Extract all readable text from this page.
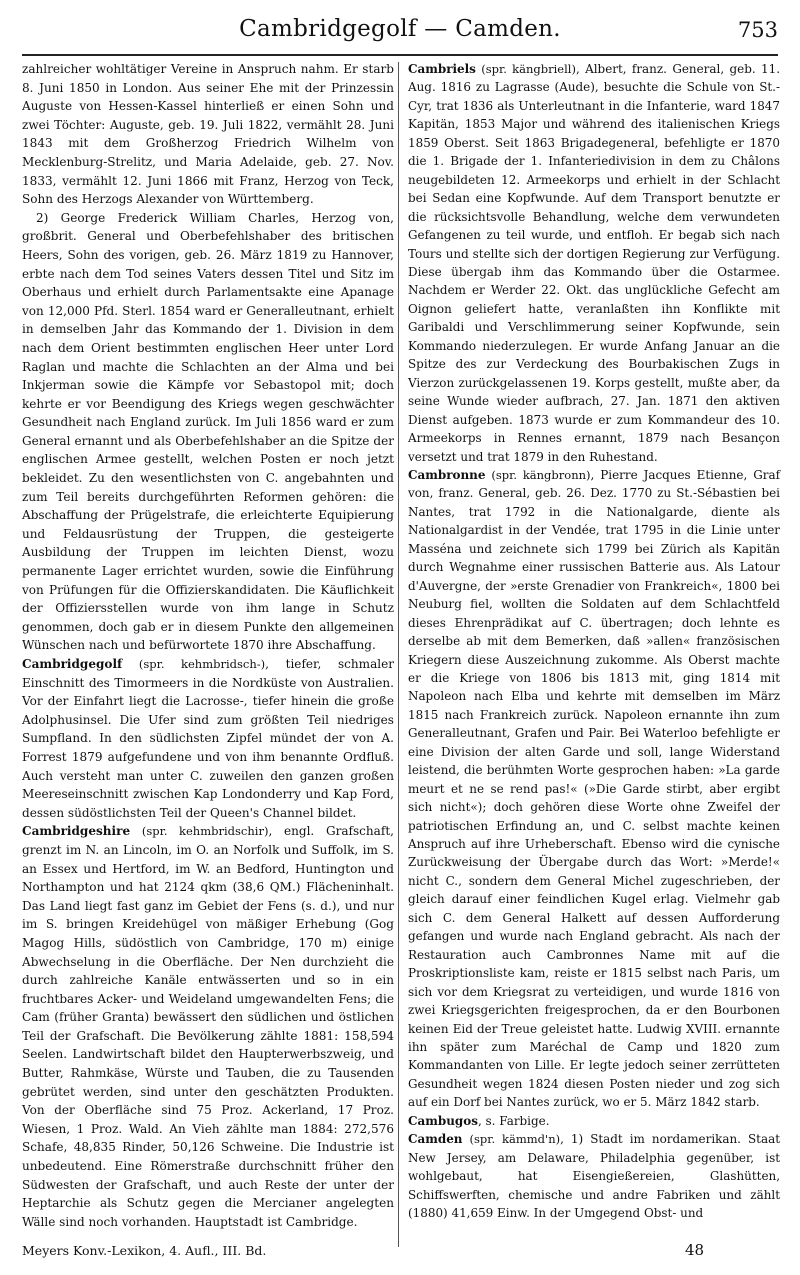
Cambridgegolf — Camden.	753

zahlreicher wohltätiger Vereine in Anspruch nahm. Er starb 8. Juni 1850 in London. Aus seiner Ehe mit der Prinzessin Auguste von Hessen-Kassel hinterließ er einen Sohn und zwei Töchter: Auguste, geb. 19. Juli 1822, vermählt 28. Juni 1843 mit dem Großherzog Friedrich Wilhelm von Mecklenburg-Strelitz, und Maria Adelaide, geb. 27. Nov. 1833, vermählt 12. Juni 1866 mit Franz, Herzog von Teck, Sohn des Herzogs Alexander von Württemberg.

2) George Frederick William Charles, Herzog von, großbrit. General und Oberbefehlshaber des britischen Heers, Sohn des vorigen, geb. 26. März 1819 zu Hannover, erbte nach dem Tod seines Vaters dessen Titel und Sitz im Oberhaus und erhielt durch Parlamentsakte eine Apanage von 12,000 Pfd. Sterl. 1854 ward er Generalleutnant, erhielt in demselben Jahr das Kommando der 1. Division in dem nach dem Orient bestimmten englischen Heer unter Lord Raglan und machte die Schlachten an der Alma und bei Inkjerman sowie die Kämpfe vor Sebastopol mit; doch kehrte er vor Beendigung des Kriegs wegen geschwächter Gesundheit nach England zurück. Im Juli 1856 ward er zum General ernannt und als Oberbefehlshaber an die Spitze der englischen Armee gestellt, welchen Posten er noch jetzt bekleidet. Zu den wesentlichsten von C. angebahnten und zum Teil bereits durchgeführten Reformen gehören: die Abschaffung der Prügelstrafe, die erleichterte Equipierung und Feldausrüstung der Truppen, die gesteigerte Ausbildung der Truppen im leichten Dienst, wozu permanente Lager errichtet wurden, sowie die Einführung von Prüfungen für die Offizierskandidaten. Die Käuflichkeit der Offiziersstellen wurde von ihm lange in Schutz genommen, doch gab er in diesem Punkte den allgemeinen Wünschen nach und befürwortete 1870 ihre Abschaffung.

Cambridgegolf (spr. kehmbridsch-), tiefer, schmaler Einschnitt des Timormeers in die Nordküste von Australien. Vor der Einfahrt liegt die Lacrosse-, tiefer hinein die große Adolphusinsel. Die Ufer sind zum größten Teil niedriges Sumpfland. In den südlichsten Zipfel mündet der von A. Forrest 1879 aufgefundene und von ihm benannte Ordfluß. Auch versteht man unter C. zuweilen den ganzen großen Meereseinschnitt zwischen Kap Londonderry und Kap Ford, dessen südöstlichsten Teil der Queen's Channel bildet.

Cambridgeshire (spr. kehmbridschir), engl. Grafschaft, grenzt im N. an Lincoln, im O. an Norfolk und Suffolk, im S. an Essex und Hertford, im W. an Bedford, Huntington und Northampton und hat 2124 qkm (38,6 QM.) Flächeninhalt. Das Land liegt fast ganz im Gebiet der Fens (s. d.), und nur im S. bringen Kreidehügel von mäßiger Erhebung (Gog Magog Hills, südöstlich von Cambridge, 170 m) einige Abwechselung in die Oberfläche. Der Nen durchzieht die durch zahlreiche Kanäle entwässerten und so in ein fruchtbares Acker- und Weideland umgewandelten Fens; die Cam (früher Granta) bewässert den südlichen und östlichen Teil der Grafschaft. Die Bevölkerung zählte 1881: 158,594 Seelen. Landwirtschaft bildet den Haupterwerbszweig, und Butter, Rahmkäse, Würste und Tauben, die zu Tausenden gebrütet werden, sind unter den geschätzten Produkten. Von der Oberfläche sind 75 Proz. Ackerland, 17 Proz. Wiesen, 1 Proz. Wald. An Vieh zählte man 1884: 272,576 Schafe, 48,835 Rinder, 50,126 Schweine. Die Industrie ist unbedeutend. Eine Römerstraße durchschnitt früher den Südwesten der Grafschaft, und auch Reste der unter der Heptarchie als Schutz gegen die Mercianer angelegten Wälle sind noch vorhanden. Hauptstadt ist Cambridge.

Cambriels (spr. kängbriell), Albert, franz. General, geb. 11. Aug. 1816 zu Lagrasse (Aude), besuchte die Schule von St.-Cyr, trat 1836 als Unterleutnant in die Infanterie, ward 1847 Kapitän, 1853 Major und während des italienischen Kriegs 1859 Oberst. Seit 1863 Brigadegeneral, befehligte er 1870 die 1. Brigade der 1. Infanteriedivision in dem zu Châlons neugebildeten 12. Armeekorps und erhielt in der Schlacht bei Sedan eine Kopfwunde. Auf dem Transport benutzte er die rücksichtsvolle Behandlung, welche dem verwundeten Gefangenen zu teil wurde, und entfloh. Er begab sich nach Tours und stellte sich der dortigen Regierung zur Verfügung. Diese übergab ihm das Kommando über die Ostarmee. Nachdem er Werder 22. Okt. das unglückliche Gefecht am Oignon geliefert hatte, veranlaßten ihn Konflikte mit Garibaldi und Verschlimmerung seiner Kopfwunde, sein Kommando niederzulegen. Er wurde Anfang Januar an die Spitze des zur Verdeckung des Bourbakischen Zugs in Vierzon zurückgelassenen 19. Korps gestellt, mußte aber, da seine Wunde wieder aufbrach, 27. Jan. 1871 den aktiven Dienst aufgeben. 1873 wurde er zum Kommandeur des 10. Armeekorps in Rennes ernannt, 1879 nach Besançon versetzt und trat 1879 in den Ruhestand.

Cambronne (spr. kängbronn), Pierre Jacques Etienne, Graf von, franz. General, geb. 26. Dez. 1770 zu St.-Sébastien bei Nantes, trat 1792 in die Nationalgarde, diente als Nationalgardist in der Vendée, trat 1795 in die Linie unter Masséna und zeichnete sich 1799 bei Zürich als Kapitän durch Wegnahme einer russischen Batterie aus. Als Latour d'Auvergne, der »erste Grenadier von Frankreich«, 1800 bei Neuburg fiel, wollten die Soldaten auf dem Schlachtfeld dieses Ehrenprädikat auf C. übertragen; doch lehnte es derselbe ab mit dem Bemerken, daß »allen« französischen Kriegern diese Auszeichnung zukomme. Als Oberst machte er die Kriege von 1806 bis 1813 mit, ging 1814 mit Napoleon nach Elba und kehrte mit demselben im März 1815 nach Frankreich zurück. Napoleon ernannte ihn zum Generalleutnant, Grafen und Pair. Bei Waterloo befehligte er eine Division der alten Garde und soll, lange Widerstand leistend, die berühmten Worte gesprochen haben: »La garde meurt et ne se rend pas!« (»Die Garde stirbt, aber ergibt sich nicht«); doch gehören diese Worte ohne Zweifel der patriotischen Erfindung an, und C. selbst machte keinen Anspruch auf ihre Urheberschaft. Ebenso wird die cynische Zurückweisung der Übergabe durch das Wort: »Merde!« nicht C., sondern dem General Michel zugeschrieben, der gleich darauf einer feindlichen Kugel erlag. Vielmehr gab sich C. dem General Halkett auf dessen Aufforderung gefangen und wurde nach England gebracht. Als nach der Restauration auch Cambronnes Name mit auf die Proskriptionsliste kam, reiste er 1815 selbst nach Paris, um sich vor dem Kriegsrat zu verteidigen, und wurde 1816 von zwei Kriegsgerichten freigesprochen, da er den Bourbonen keinen Eid der Treue geleistet hatte. Ludwig XVIII. ernannte ihn später zum Maréchal de Camp und 1820 zum Kommandanten von Lille. Er legte jedoch seiner zerrütteten Gesundheit wegen 1824 diesen Posten nieder und zog sich auf ein Dorf bei Nantes zurück, wo er 5. März 1842 starb.

Cambugos, s. Farbige.

Camden (spr. kämmd'n), 1) Stadt im nordamerikan. Staat New Jersey, am Delaware, Philadelphia gegenüber, ist wohlgebaut, hat Eisengießereien, Glashütten, Schiffswerften, chemische und andre Fabriken und zählt (1880) 41,659 Einw. In der Umgegend Obst- und

Meyers Konv.-Lexikon, 4. Aufl., III. Bd.	48
